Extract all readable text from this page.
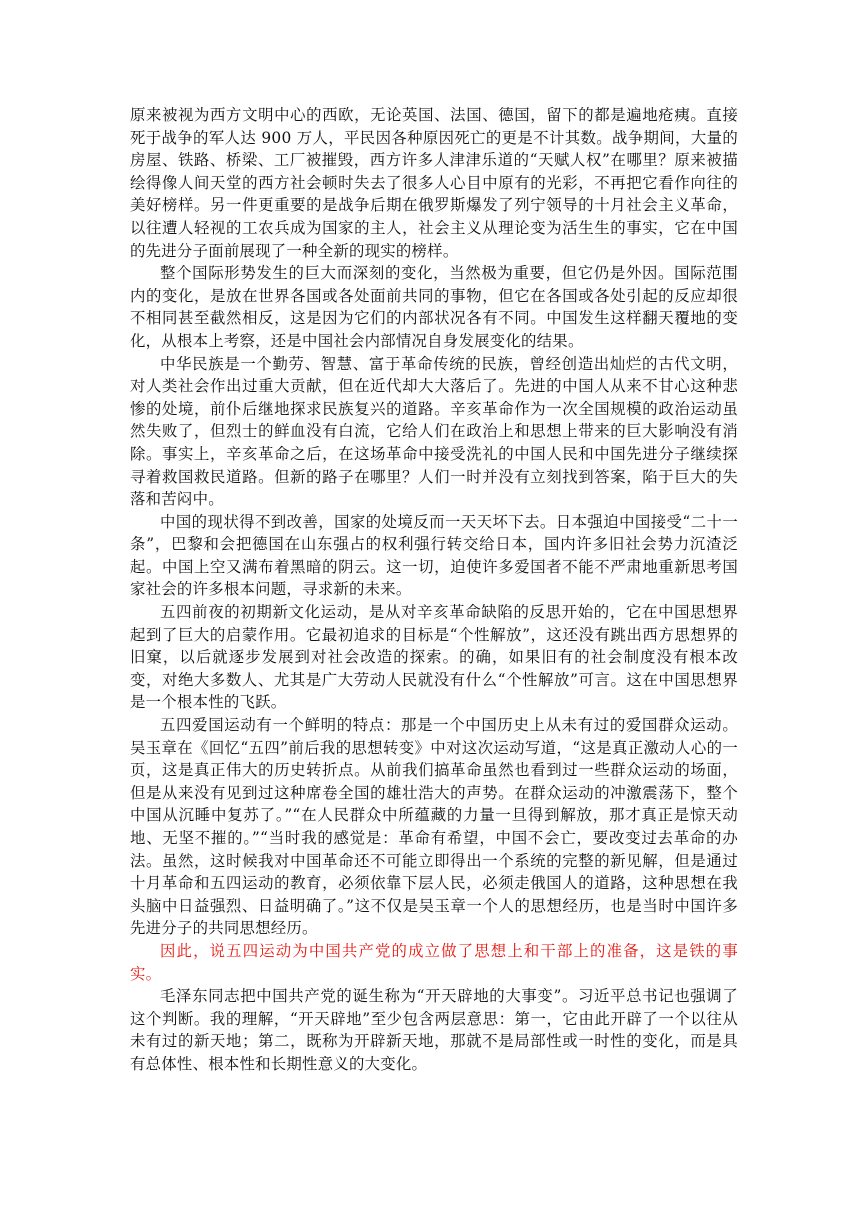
原来被视为西方文明中心的西欧，无论英国、法国、德国，留下的都是遍地疮痍。直接死于战争的军人达 900 万人，平民因各种原因死亡的更是不计其数。战争期间，大量的房屋、铁路、桥梁、工厂被摧毁，西方许多人津津乐道的“天赋人权”在哪里？原来被描绘得像人间天堂的西方社会顿时失去了很多人心目中原有的光彩，不再把它看作向往的美好榜样。另一件更重要的是战争后期在俄罗斯爆发了列宁领导的十月社会主义革命，以往遭人轻视的工农兵成为国家的主人，社会主义从理论变为活生生的事实，它在中国的先进分子面前展现了一种全新的现实的榜样。

整个国际形势发生的巨大而深刻的变化，当然极为重要，但它仍是外因。国际范围内的变化，是放在世界各国或各处面前共同的事物，但它在各国或各处引起的反应却很不相同甚至截然相反，这是因为它们的内部状况各有不同。中国发生这样翻天覆地的变化，从根本上考察，还是中国社会内部情况自身发展变化的结果。

中华民族是一个勤劳、智慧、富于革命传统的民族，曾经创造出灿烂的古代文明，对人类社会作出过重大贡献，但在近代却大大落后了。先进的中国人从来不甘心这种悲惨的处境，前仆后继地探求民族复兴的道路。辛亥革命作为一次全国规模的政治运动虽然失败了，但烈士的鲜血没有白流，它给人们在政治上和思想上带来的巨大影响没有消除。事实上，辛亥革命之后，在这场革命中接受洗礼的中国人民和中国先进分子继续探寻着救国救民道路。但新的路子在哪里？人们一时并没有立刻找到答案，陷于巨大的失落和苦闷中。

中国的现状得不到改善，国家的处境反而一天天坏下去。日本强迫中国接受“二十一条”，巴黎和会把德国在山东强占的权利强行转交给日本，国内许多旧社会势力沉渣泛起。中国上空又满布着黑暗的阴云。这一切，迫使许多爱国者不能不严肃地重新思考国家社会的许多根本问题，寻求新的未来。

五四前夜的初期新文化运动，是从对辛亥革命缺陷的反思开始的，它在中国思想界起到了巨大的启蒙作用。它最初追求的目标是“个性解放”，这还没有跳出西方思想界的旧窠，以后就逐步发展到对社会改造的探索。的确，如果旧有的社会制度没有根本改变，对绝大多数人、尤其是广大劳动人民就没有什么“个性解放”可言。这在中国思想界是一个根本性的飞跃。

五四爱国运动有一个鲜明的特点：那是一个中国历史上从未有过的爱国群众运动。吴玉章在《回忆“五四”前后我的思想转变》中对这次运动写道，“这是真正激动人心的一页，这是真正伟大的历史转折点。从前我们搞革命虽然也看到过一些群众运动的场面，但是从来没有见到过这种席卷全国的雄壮浩大的声势。在群众运动的冲激震荡下，整个中国从沉睡中复苏了。”“在人民群众中所蕴藏的力量一旦得到解放，那才真正是惊天动地、无坚不摧的。”“当时我的感觉是：革命有希望，中国不会亡，要改变过去革命的办法。虽然，这时候我对中国革命还不可能立即得出一个系统的完整的新见解，但是通过十月革命和五四运动的教育，必须依靠下层人民，必须走俄国人的道路，这种思想在我头脑中日益强烈、日益明确了。”这不仅是吴玉章一个人的思想经历，也是当时中国许多先进分子的共同思想经历。

因此，说五四运动为中国共产党的成立做了思想上和干部上的准备，这是铁的事实。

毛泽东同志把中国共产党的诞生称为“开天辟地的大事变”。习近平总书记也强调了这个判断。我的理解，“开天辟地”至少包含两层意思：第一，它由此开辟了一个以往从未有过的新天地；第二，既称为开辟新天地，那就不是局部性或一时性的变化，而是具有总体性、根本性和长期性意义的大变化。
